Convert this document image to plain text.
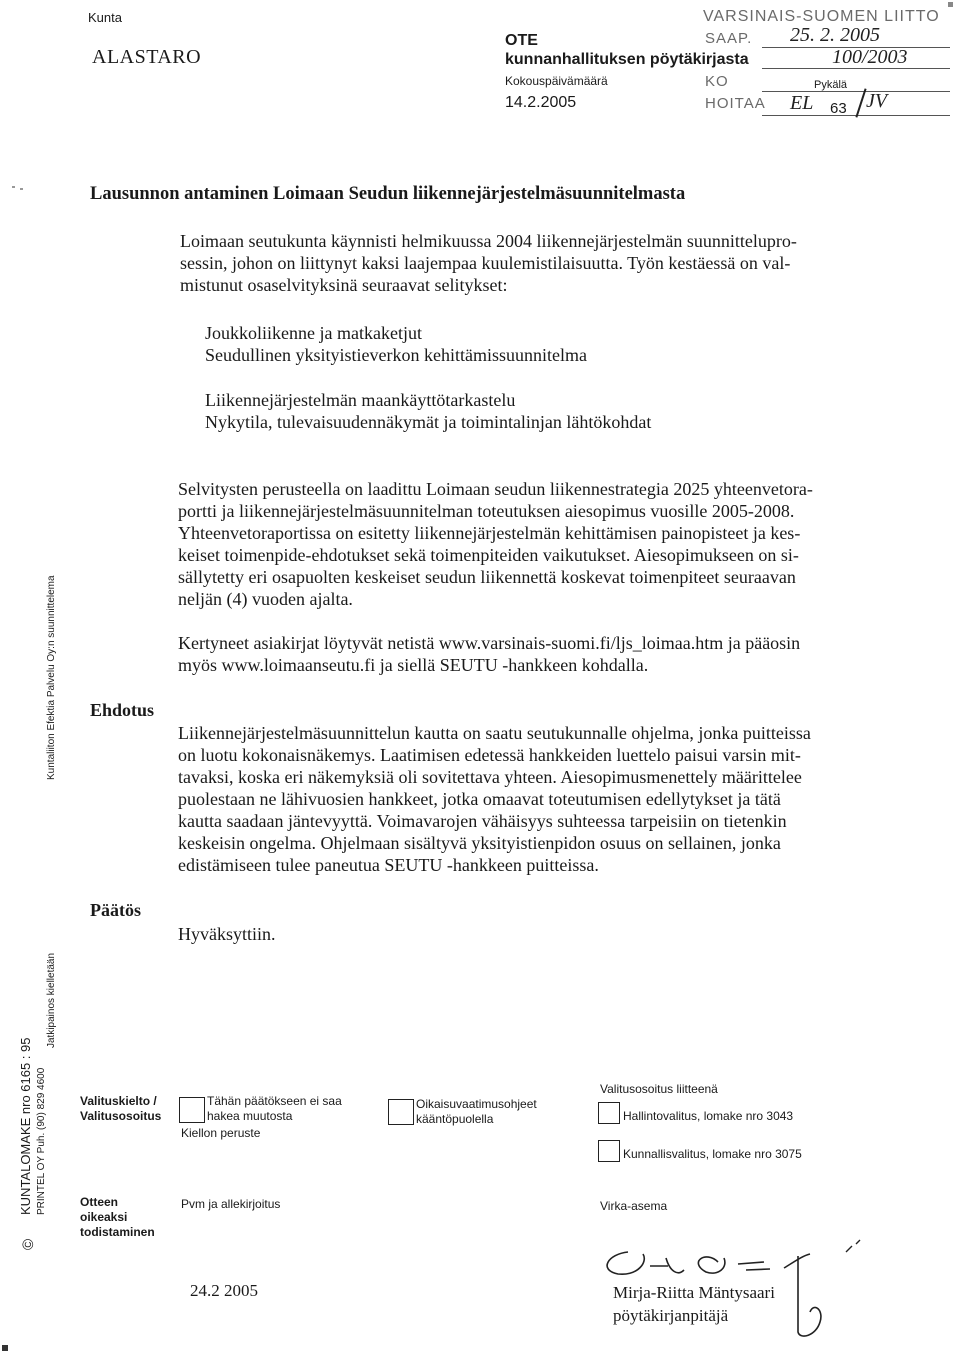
Kunta
ALASTARO
OTE
kunnanhallituksen pöytäkirjasta
Kokouspäivämäärä
14.2.2005
VARSINAIS-SUOMEN LIITTO
SAAP.
KO
HOITAA
25. 2. 2005
100/2003
Pykälä
EL 63 JV
Lausunnon antaminen Loimaan Seudun liikennejärjestelmäsuunnitelmasta

Loimaan seutukunta käynnisti helmikuussa 2004 liikennejärjestelmän suunnittelupro-
sessin, johon on liittynyt kaksi laajempaa kuulemistilaisuutta. Työn kestäessä on val-
mistunut osaselvityksinä seuraavat selitykset:

Joukkoliikenne ja matkaketjut
Seudullinen yksityistieverkon kehittämissuunnitelma

Liikennejärjestelmän maankäyttötarkastelu
Nykytila, tulevaisuudennäkymät ja toimintalinjan lähtökohdat

Selvitysten perusteella on laadittu Loimaan seudun liikennestrategia 2025 yhteenvetora-
portti ja liikennejärjestelmäsuunnitelman toteutuksen aiesopimus vuosille 2005-2008.
Yhteenvetoraportissa on esitetty liikennejärjestelmän kehittämisen painopisteet ja kes-
keiset toimenpide-ehdotukset sekä toimenpiteiden vaikutukset. Aiesopimukseen on si-
sällytetty eri osapuolten keskeiset seudun liikennettä koskevat toimenpiteet seuraavan
neljän (4) vuoden ajalta.

Kertyneet asiakirjat löytyvät netistä www.varsinais-suomi.fi/ljs_loimaa.htm ja pääosin
myös www.loimaanseutu.fi ja siellä SEUTU -hankkeen kohdalla.

Ehdotus

Liikennejärjestelmäsuunnittelun kautta on saatu seutukunnalle ohjelma, jonka puitteissa
on luotu kokonaisnäkemys. Laatimisen edetessä hankkeiden luettelo paisui varsin mit-
tavaksi, koska eri näkemyksiä oli sovitettava yhteen. Aiesopimusmenettely määrittelee
puolestaan ne lähivuosien hankkeet, jotka omaavat toteutumisen edellytykset ja tätä
kautta saadaan jäntevyyttä. Voimavarojen vähäisyys suhteessa tarpeisiin on tietenkin
keskeisin ongelma. Ohjelmaan sisältyvä yksityistienpidon osuus on sellainen, jonka
edistämiseen tulee paneutua SEUTU -hankkeen puitteissa.

Päätös
Hyväksyttiin.
Kuntaliiton Efektia Palvelu Oy:n suunnittelema
Jatkipainos kielletään
KUNTALOMAKE nro 6165 : 95 PRINTEL OY Puh. (90) 829 4600
©
Valituskielto /
Valitusosoitus
Tähän päätökseen ei saa
hakea muutosta
Kiellon peruste
Oikaisuvaatimusohjeet
kääntöpuolella
Valitusosoitus liitteenä
Hallintovalitus, lomake nro 3043
Kunnallisvalitus, lomake nro 3075
Otteen
oikeaksi
todistaminen
Pvm ja allekirjoitus	Virka-asema
24.2 2005	Mirja-Riitta Mäntysaari
pöytäkirjanpitäjä
